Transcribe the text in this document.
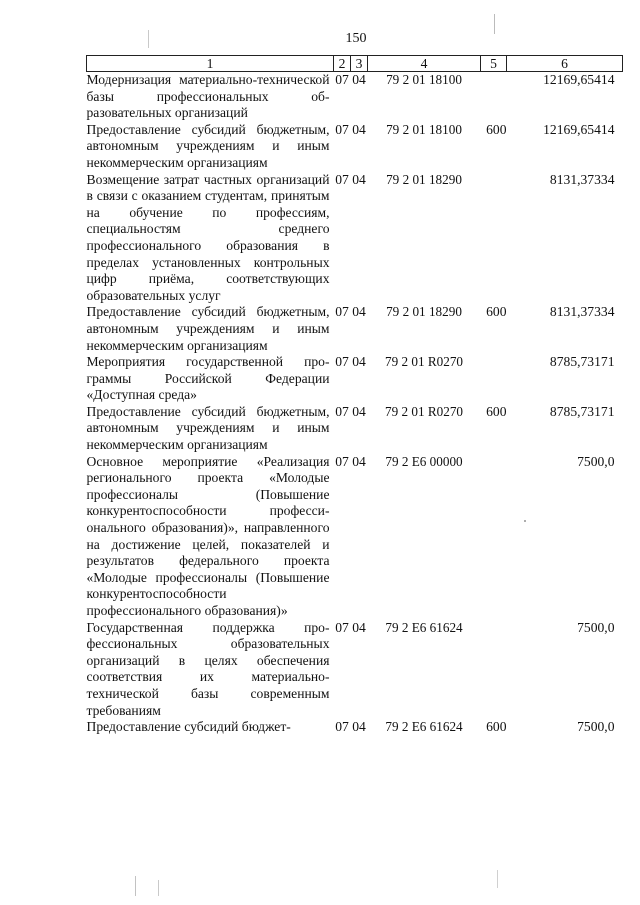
150
1	2	3	4	5	6
Модернизация материально-технической базы профессиональных образовательных организаций	07	04	79 2 01 18100		12169,65414
Предоставление субсидий бюджетным, автономным учреждениям и иным некоммерческим организациям	07	04	79 2 01 18100	600	12169,65414
Возмещение затрат частных организаций в связи с оказанием студентам, принятым на обучение по профессиям, специальностям среднего профессионального образования в пределах установленных контрольных цифр приёма, соответствующих образовательных услуг	07	04	79 2 01 18290		8131,37334
Предоставление субсидий бюджетным, автономным учреждениям и иным некоммерческим организациям	07	04	79 2 01 18290	600	8131,37334
Мероприятия государственной программы Российской Федерации «Доступная среда»	07	04	79 2 01 R0270		8785,73171
Предоставление субсидий бюджетным, автономным учреждениям и иным некоммерческим организациям	07	04	79 2 01 R0270	600	8785,73171
Основное мероприятие «Реализация регионального проекта «Молодые профессионалы (Повышение конкурентоспособности профессионального образования)», направленного на достижение целей, показателей и результатов федерального проекта «Молодые профессионалы (Повышение конкурентоспособности профессионального образования)»	07	04	79 2 Е6 00000		7500,0
Государственная поддержка профессиональных образовательных организаций в целях обеспечения соответствия их материально-технической базы современным требованиям	07	04	79 2 Е6 61624		7500,0
Предоставление субсидий бюджет-	07	04	79 2 Е6 61624	600	7500,0
